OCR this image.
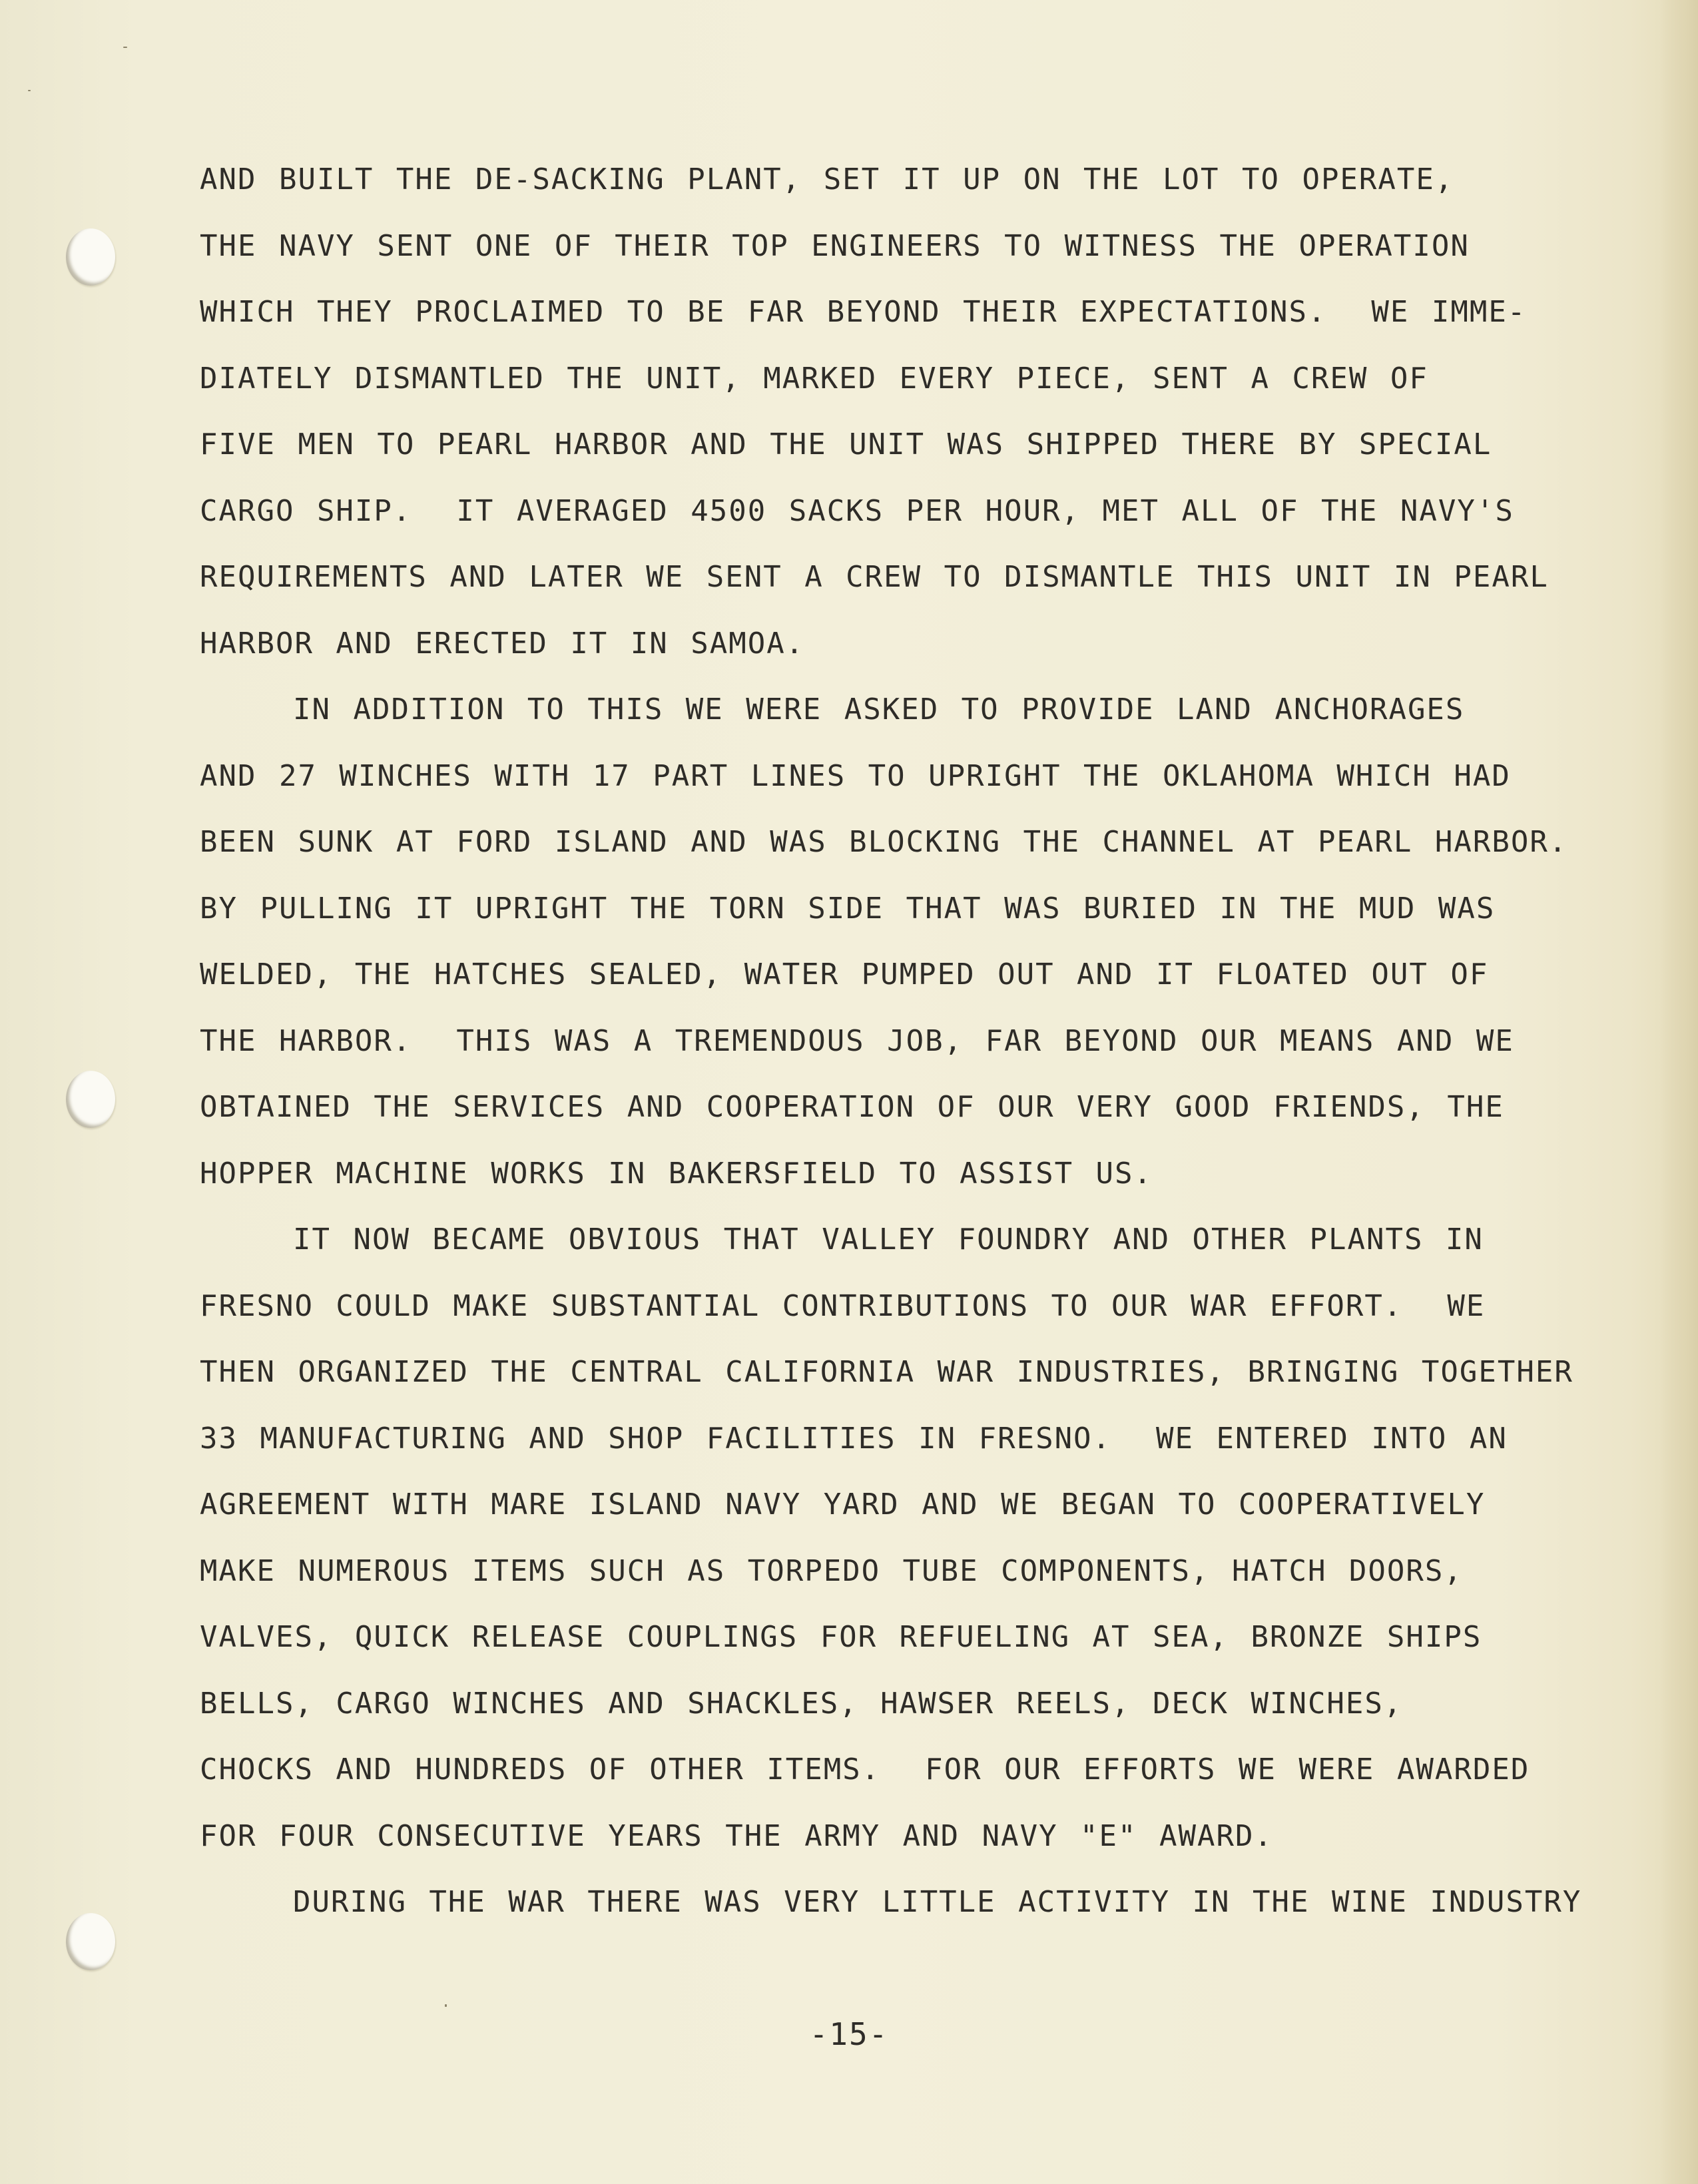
AND BUILT THE DE-SACKING PLANT, SET IT UP ON THE LOT TO OPERATE,
THE NAVY SENT ONE OF THEIR TOP ENGINEERS TO WITNESS THE OPERATION
WHICH THEY PROCLAIMED TO BE FAR BEYOND THEIR EXPECTATIONS.  WE IMME-
DIATELY DISMANTLED THE UNIT, MARKED EVERY PIECE, SENT A CREW OF
FIVE MEN TO PEARL HARBOR AND THE UNIT WAS SHIPPED THERE BY SPECIAL
CARGO SHIP.  IT AVERAGED 4500 SACKS PER HOUR, MET ALL OF THE NAVY'S
REQUIREMENTS AND LATER WE SENT A CREW TO DISMANTLE THIS UNIT IN PEARL
HARBOR AND ERECTED IT IN SAMOA.
IN ADDITION TO THIS WE WERE ASKED TO PROVIDE LAND ANCHORAGES
AND 27 WINCHES WITH 17 PART LINES TO UPRIGHT THE OKLAHOMA WHICH HAD
BEEN SUNK AT FORD ISLAND AND WAS BLOCKING THE CHANNEL AT PEARL HARBOR.
BY PULLING IT UPRIGHT THE TORN SIDE THAT WAS BURIED IN THE MUD WAS
WELDED, THE HATCHES SEALED, WATER PUMPED OUT AND IT FLOATED OUT OF
THE HARBOR.  THIS WAS A TREMENDOUS JOB, FAR BEYOND OUR MEANS AND WE
OBTAINED THE SERVICES AND COOPERATION OF OUR VERY GOOD FRIENDS, THE
HOPPER MACHINE WORKS IN BAKERSFIELD TO ASSIST US.
IT NOW BECAME OBVIOUS THAT VALLEY FOUNDRY AND OTHER PLANTS IN
FRESNO COULD MAKE SUBSTANTIAL CONTRIBUTIONS TO OUR WAR EFFORT.  WE
THEN ORGANIZED THE CENTRAL CALIFORNIA WAR INDUSTRIES, BRINGING TOGETHER
33 MANUFACTURING AND SHOP FACILITIES IN FRESNO.  WE ENTERED INTO AN
AGREEMENT WITH MARE ISLAND NAVY YARD AND WE BEGAN TO COOPERATIVELY
MAKE NUMEROUS ITEMS SUCH AS TORPEDO TUBE COMPONENTS, HATCH DOORS,
VALVES, QUICK RELEASE COUPLINGS FOR REFUELING AT SEA, BRONZE SHIPS
BELLS, CARGO WINCHES AND SHACKLES, HAWSER REELS, DECK WINCHES,
CHOCKS AND HUNDREDS OF OTHER ITEMS.  FOR OUR EFFORTS WE WERE AWARDED
FOR FOUR CONSECUTIVE YEARS THE ARMY AND NAVY "E" AWARD.
DURING THE WAR THERE WAS VERY LITTLE ACTIVITY IN THE WINE INDUSTRY
-15-
